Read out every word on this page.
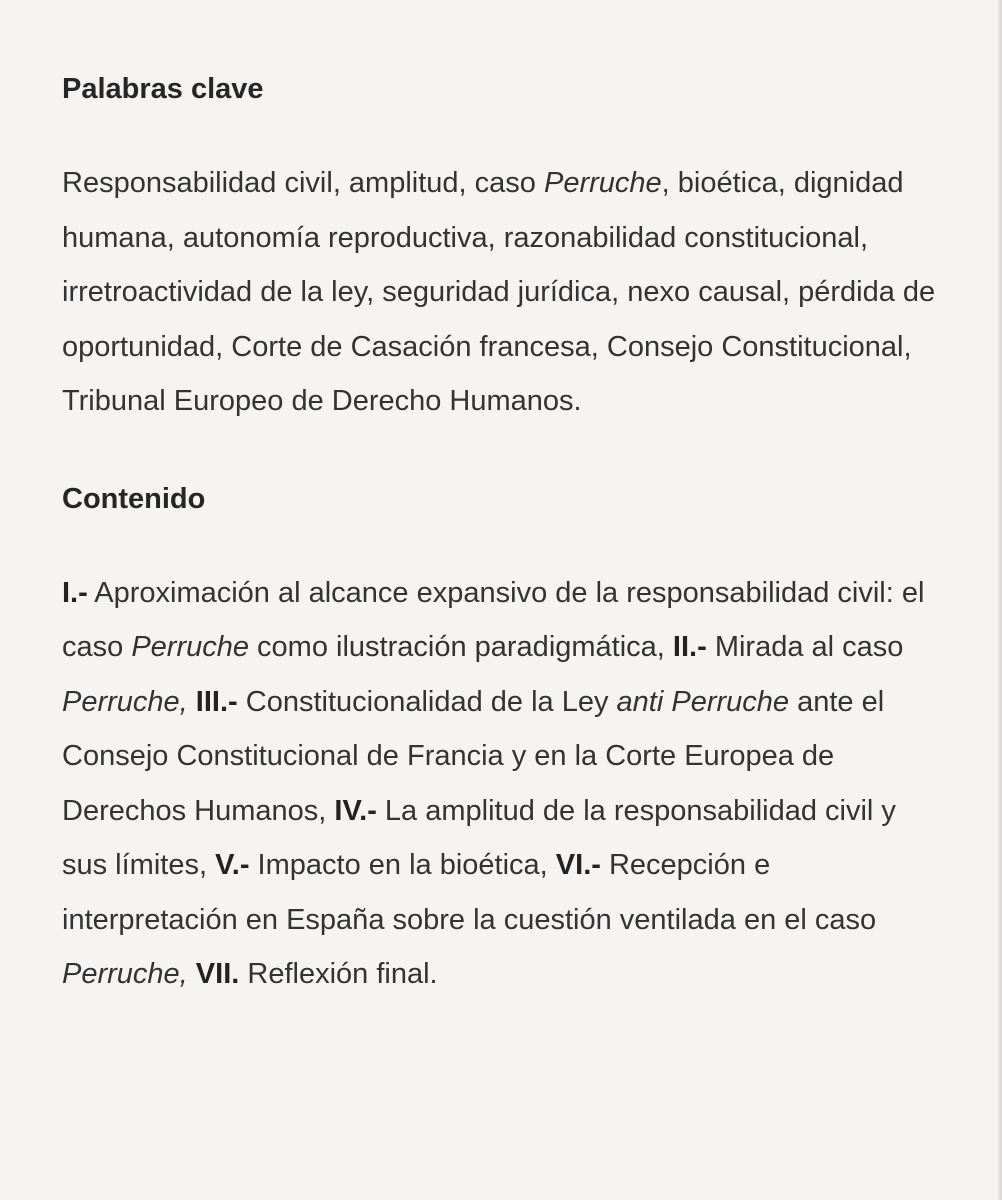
Palabras clave

Responsabilidad civil, amplitud, caso Perruche, bioética, dignidad humana, autonomía reproductiva, razonabilidad constitucional, irretroactividad de la ley, seguridad jurídica, nexo causal, pérdida de oportunidad, Corte de Casación francesa, Consejo Constitucional, Tribunal Europeo de Derecho Humanos.

Contenido

I.- Aproximación al alcance expansivo de la responsabilidad civil: el caso Perruche como ilustración paradigmática, II.- Mirada al caso Perruche, III.- Constitucionalidad de la Ley anti Perruche ante el Consejo Constitucional de Francia y en la Corte Europea de Derechos Humanos, IV.- La amplitud de la responsabilidad civil y sus límites, V.- Impacto en la bioética, VI.- Recepción e interpretación en España sobre la cuestión ventilada en el caso Perruche, VII. Reflexión final.
